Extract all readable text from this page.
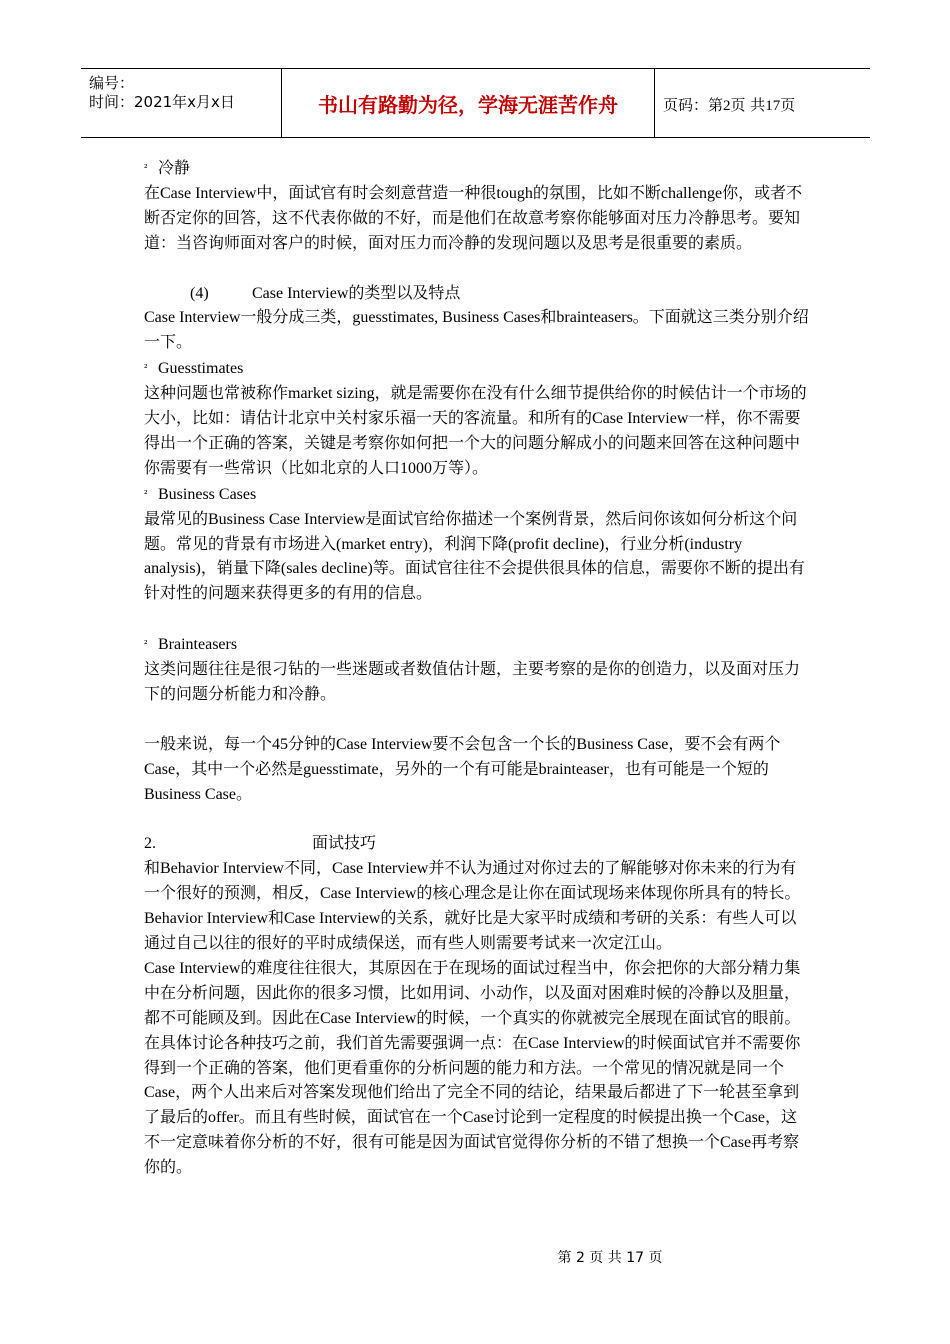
编号：
时间：2021年x月x日	书山有路勤为径，学海无涯苦作舟	页码：第2页 共17页

² 冷静

在Case Interview中，面试官有时会刻意营造一种很tough的氛围，比如不断challenge你，或者不断否定你的回答，这不代表你做的不好，而是他们在故意考察你能够面对压力冷静思考。要知道：当咨询师面对客户的时候，面对压力而冷静的发现问题以及思考是很重要的素质。

(4)	Case Interview的类型以及特点

Case Interview一般分成三类，guesstimates, Business Cases和brainteasers。下面就这三类分别介绍一下。

² Guesstimates

这种问题也常被称作market sizing，就是需要你在没有什么细节提供给你的时候估计一个市场的大小，比如：请估计北京中关村家乐福一天的客流量。和所有的Case Interview一样，你不需要得出一个正确的答案，关键是考察你如何把一个大的问题分解成小的问题来回答在这种问题中你需要有一些常识（比如北京的人口1000万等）。

² Business Cases

最常见的Business Case Interview是面试官给你描述一个案例背景，然后问你该如何分析这个问题。常见的背景有市场进入(market entry)，利润下降(profit decline)，行业分析(industry analysis)，销量下降(sales decline)等。面试官往往不会提供很具体的信息，需要你不断的提出有针对性的问题来获得更多的有用的信息。

² Brainteasers

这类问题往往是很刁钻的一些迷题或者数值估计题，主要考察的是你的创造力，以及面对压力下的问题分析能力和冷静。

一般来说，每一个45分钟的Case Interview要不会包含一个长的Business Case，要不会有两个Case，其中一个必然是guesstimate，另外的一个有可能是brainteaser，也有可能是一个短的Business Case。

2.	面试技巧

和Behavior Interview不同，Case Interview并不认为通过对你过去的了解能够对你未来的行为有一个很好的预测，相反，Case Interview的核心理念是让你在面试现场来体现你所具有的特长。Behavior Interview和Case Interview的关系，就好比是大家平时成绩和考研的关系：有些人可以通过自己以往的很好的平时成绩保送，而有些人则需要考试来一次定江山。

Case Interview的难度往往很大，其原因在于在现场的面试过程当中，你会把你的大部分精力集中在分析问题，因此你的很多习惯，比如用词、小动作，以及面对困难时候的冷静以及胆量，都不可能顾及到。因此在Case Interview的时候，一个真实的你就被完全展现在面试官的眼前。

在具体讨论各种技巧之前，我们首先需要强调一点：在Case Interview的时候面试官并不需要你得到一个正确的答案，他们更看重你的分析问题的能力和方法。一个常见的情况就是同一个Case，两个人出来后对答案发现他们给出了完全不同的结论，结果最后都进了下一轮甚至拿到了最后的offer。而且有些时候，面试官在一个Case讨论到一定程度的时候提出换一个Case，这不一定意味着你分析的不好，很有可能是因为面试官觉得你分析的不错了想换一个Case再考察你的。

第 2 页 共 17 页
